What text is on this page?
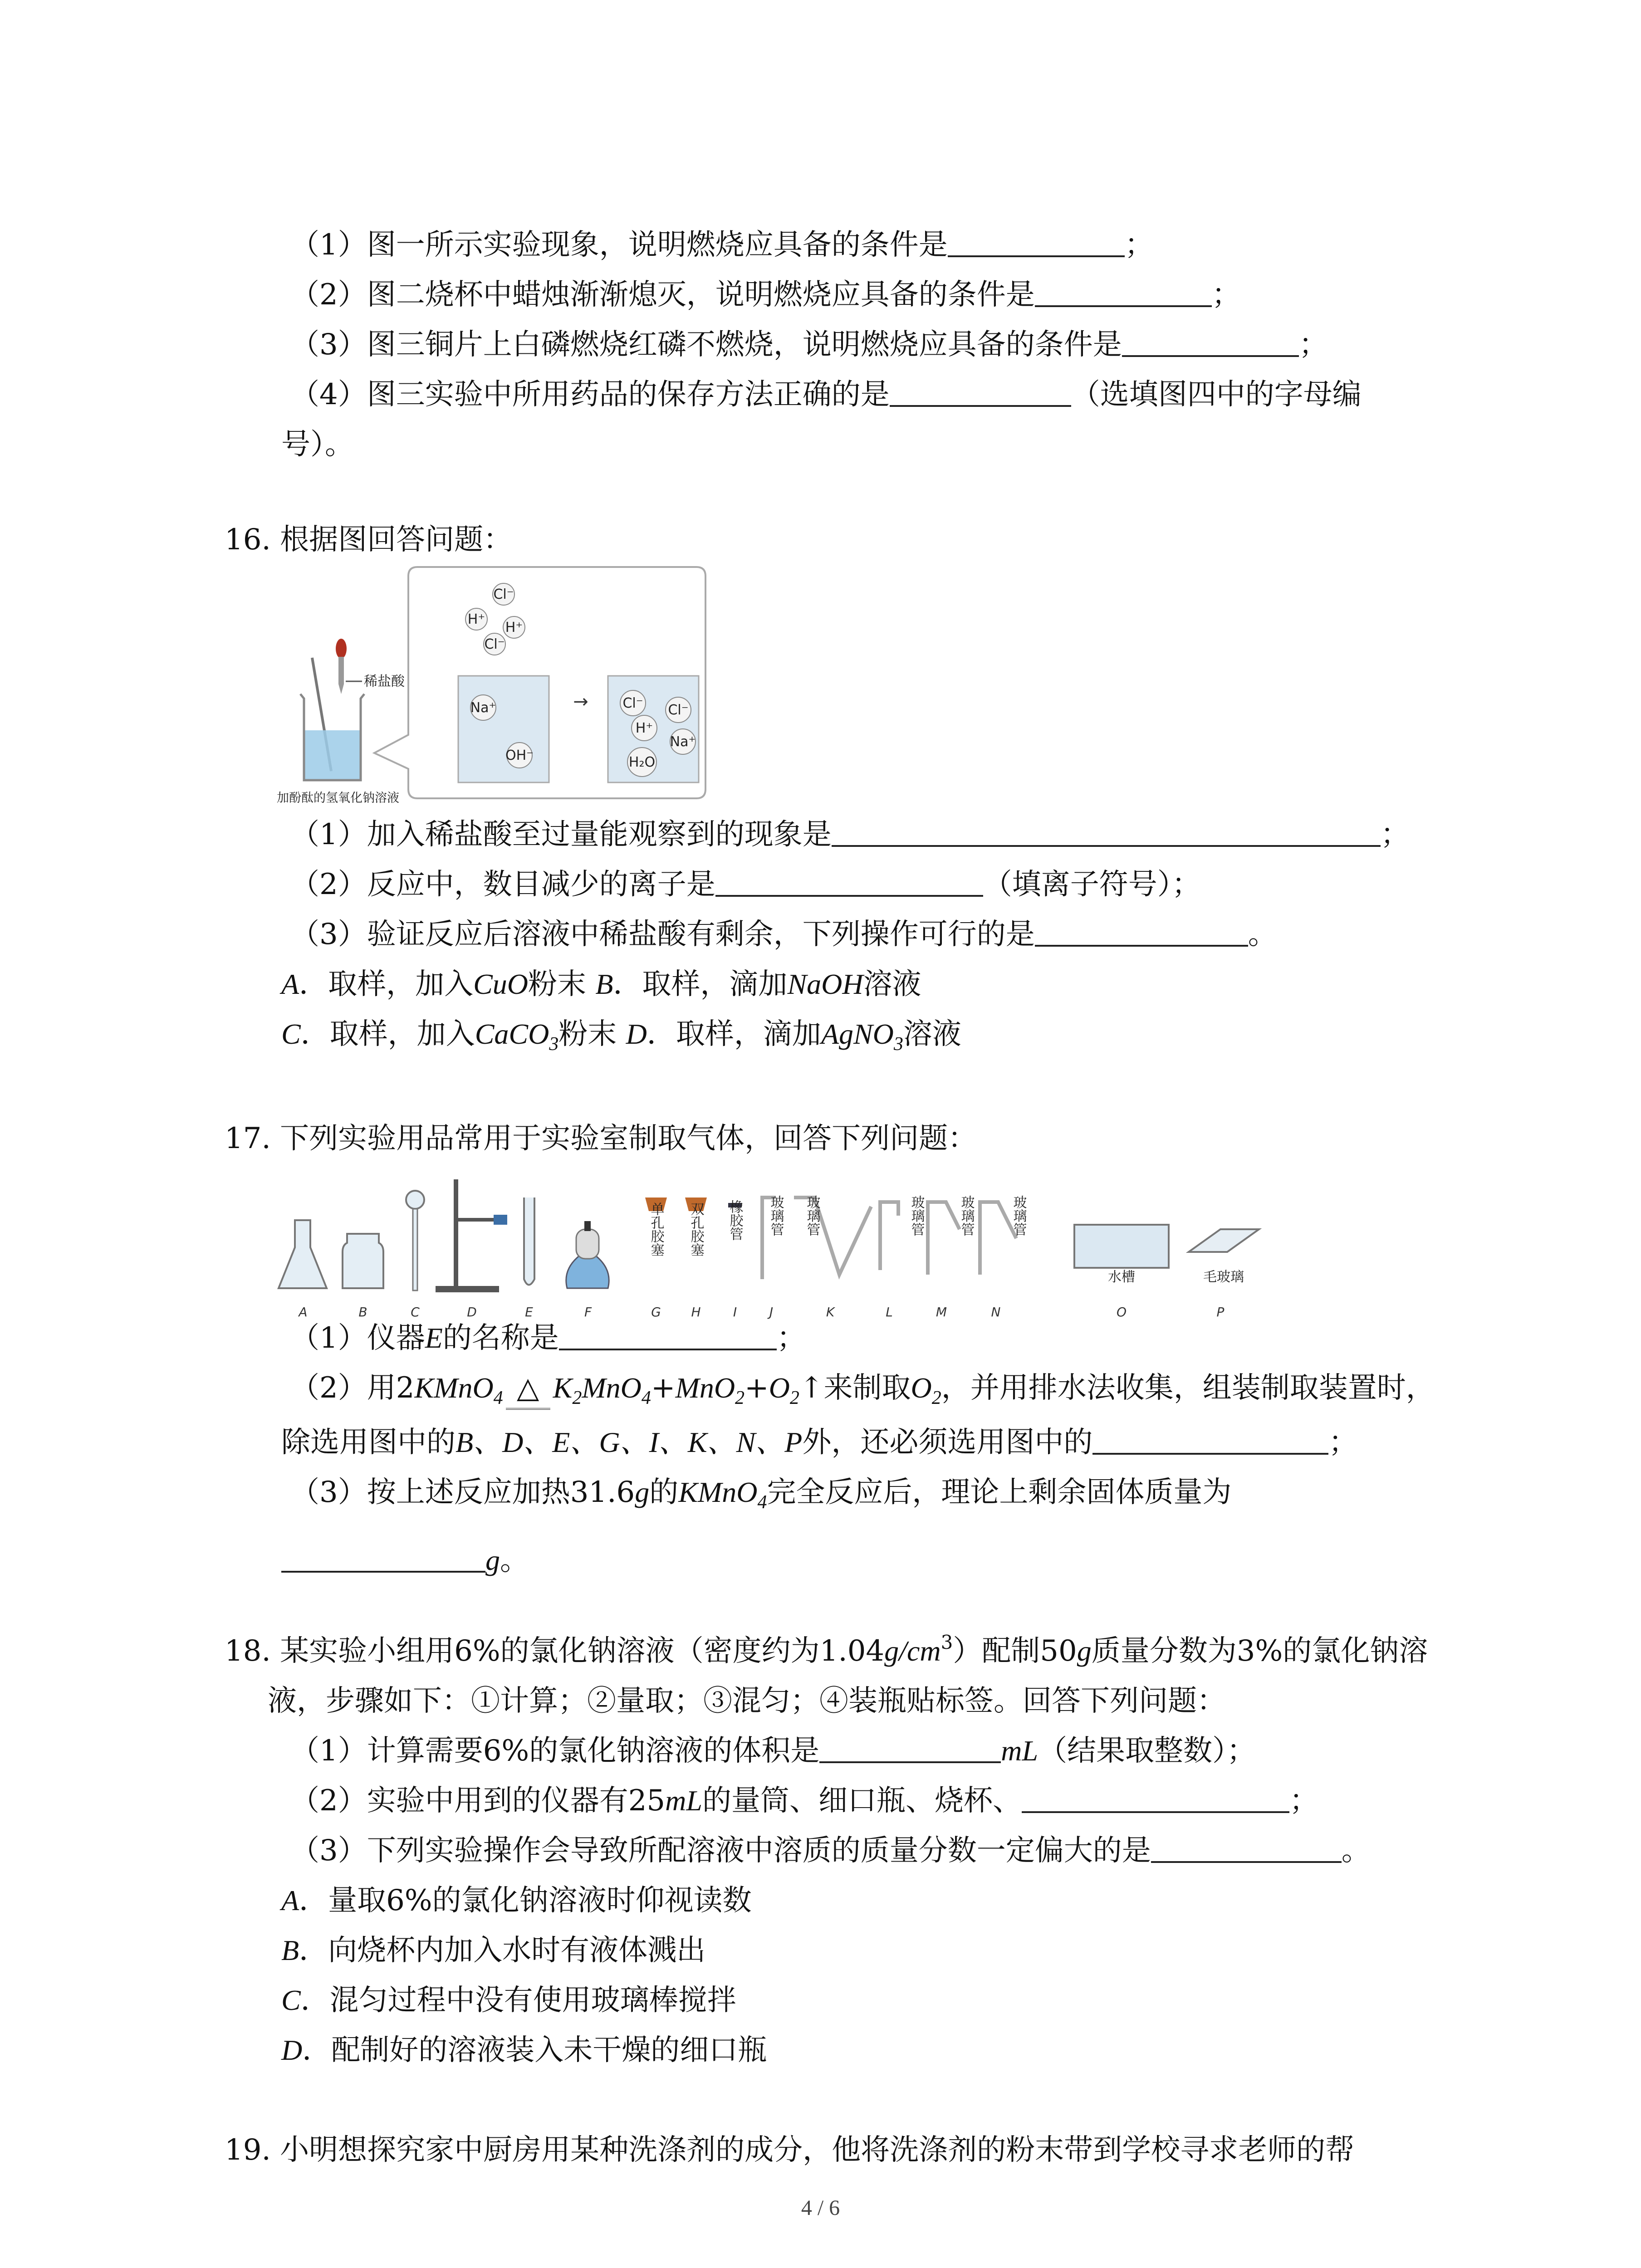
（1）图一所示实验现象，说明燃烧应具备的条件是	；
（2）图二烧杯中蜡烛渐渐熄灭，说明燃烧应具备的条件是	；
（3）图三铜片上白磷燃烧红磷不燃烧，说明燃烧应具备的条件是	；
（4）图三实验中所用药品的保存方法正确的是	（选填图四中的字母编
号）。
16. 根据图回答问题：
稀盐酸
加酚酞的氢氧化钠溶液
Cl⁻
H⁺
H⁺
Cl⁻
Na⁺
OH⁻
→	Cl⁻ Cl⁻
H⁺
Na⁺
H₂O
（1）加入稀盐酸至过量能观察到的现象是	；
（2）反应中，数目减少的离子是	（填离子符号）；
（3）验证反应后溶液中稀盐酸有剩余，下列操作可行的是	。
A．取样，加入CuO粉末 B．取样，滴加NaOH溶液
C．取样，加入CaCO$_3$粉末 D．取样，滴加AgNO$_3$溶液
17. 下列实验用品常用于实验室制取气体，回答下列问题：
单孔胶塞 双孔胶塞 橡胶管 玻璃管 玻璃管	玻璃管	玻璃管	玻璃管
水槽	毛玻璃
A	B	C	D	E	F	G H	I	J	K	L	M	N	O	P
（1）仪器E的名称是	；
（2）用2KMnO$_4$ △ $K_2MnO_4+MnO_2+O_2↑$来制取$O_2$，并用排水法收集，组装制取装置时，
除选用图中的B、D、E、G、I、K、N、P外，还必须选用图中的	；
（3）按上述反应加热31.6g的KMnO$_4$完全反应后，理论上剩余固体质量为
g。
18. 某实验小组用6%的氯化钠溶液（密度约为$1.04g/cm^3$）配制50g质量分数为3%的氯化钠溶
液，步骤如下：①计算；②量取；③混匀；④装瓶贴标签。回答下列问题：
（1）计算需要6%的氯化钠溶液的体积是	mL（结果取整数）；
（2）实验中用到的仪器有25mL的量筒、细口瓶、烧杯、	；
（3）下列实验操作会导致所配溶液中溶质的质量分数一定偏大的是	。
A．量取6%的氯化钠溶液时仰视读数
B．向烧杯内加入水时有液体溅出
C．混匀过程中没有使用玻璃棒搅拌
D．配制好的溶液装入未干燥的细口瓶
19. 小明想探究家中厨房用某种洗涤剂的成分，他将洗涤剂的粉末带到学校寻求老师的帮
4 / 6
